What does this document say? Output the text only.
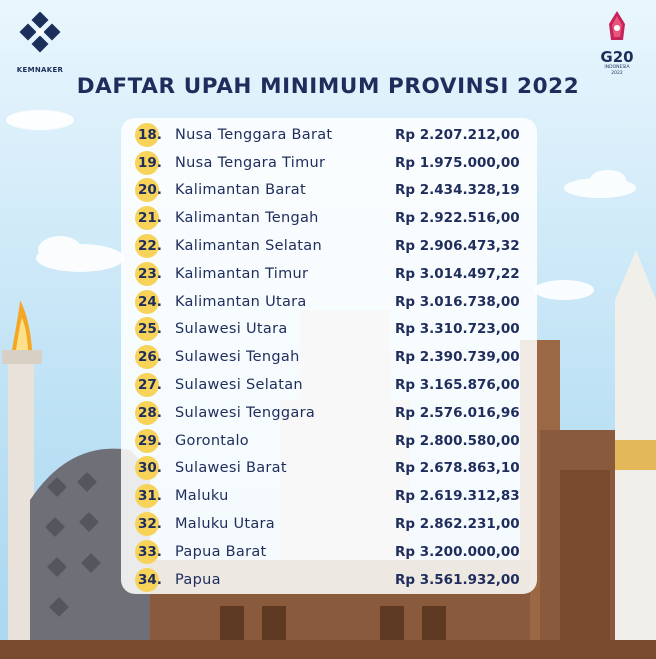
KEMNAKER
G20
INDONESIA
2022
DAFTAR UPAH MINIMUM PROVINSI 2022
18. Nusa Tenggara Barat	Rp 2.207.212,00
19. Nusa Tengara Timur	Rp 1.975.000,00
20. Kalimantan Barat	Rp 2.434.328,19
21. Kalimantan Tengah	Rp 2.922.516,00
22. Kalimantan Selatan	Rp 2.906.473,32
23. Kalimantan Timur	Rp 3.014.497,22
24. Kalimantan Utara	Rp 3.016.738,00
25. Sulawesi Utara	Rp 3.310.723,00
26. Sulawesi Tengah	Rp 2.390.739,00
27. Sulawesi Selatan	Rp 3.165.876,00
28. Sulawesi Tenggara	Rp 2.576.016,96
29. Gorontalo	Rp 2.800.580,00
30. Sulawesi Barat	Rp 2.678.863,10
31. Maluku	Rp 2.619.312,83
32. Maluku Utara	Rp 2.862.231,00
33. Papua Barat	Rp 3.200.000,00
34. Papua	Rp 3.561.932,00
